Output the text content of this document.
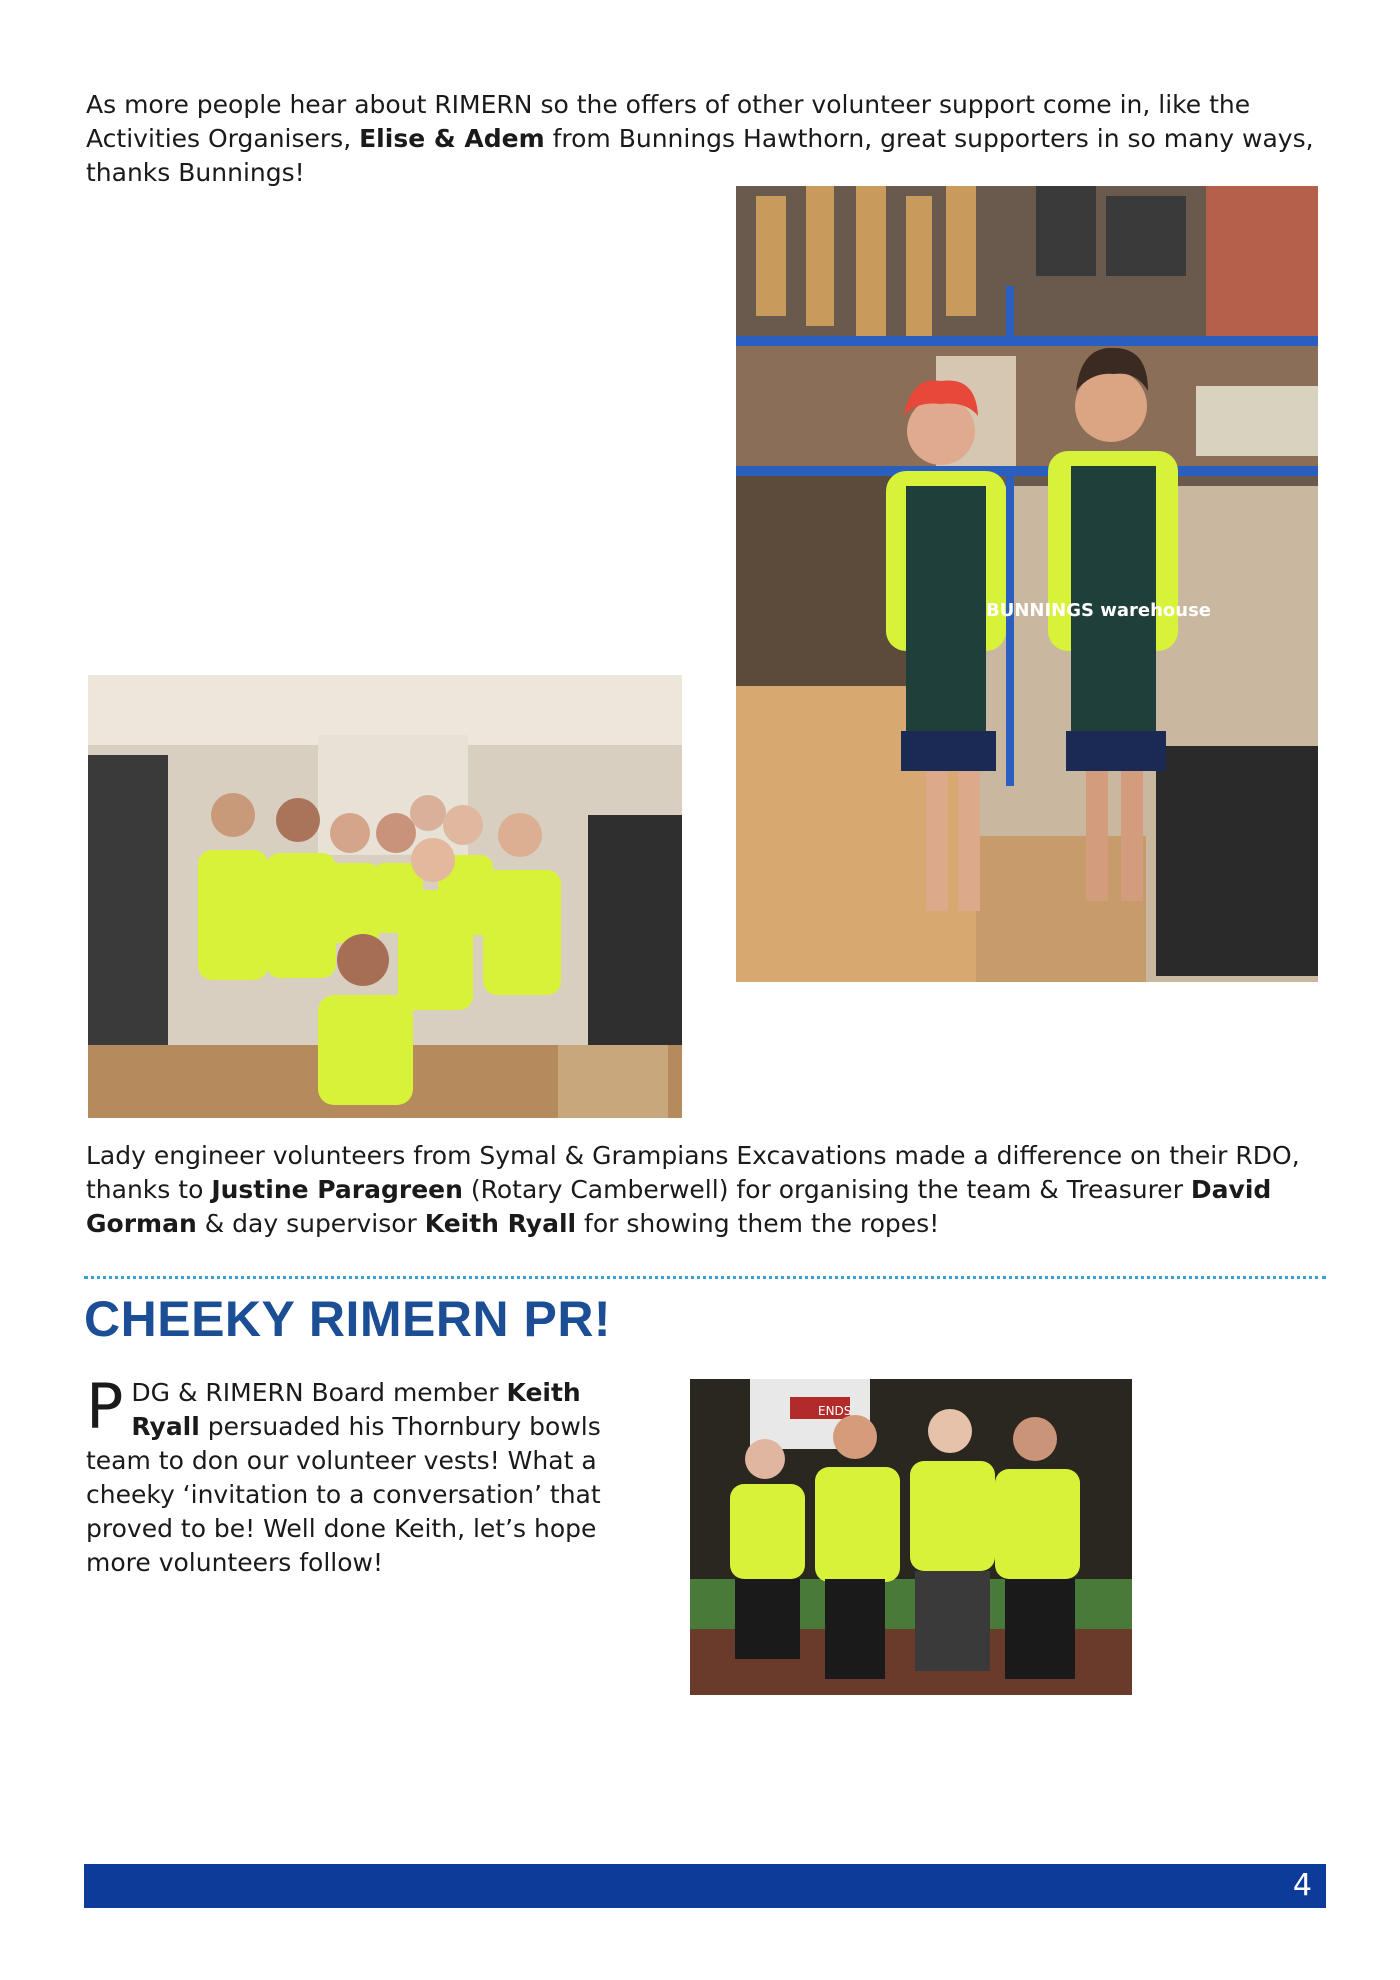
As more people hear about RIMERN so the offers of other volunteer support come in, like the Activities Organisers, Elise & Adem from Bunnings Hawthorn, great supporters in so many ways, thanks Bunnings!

BUNNINGS warehouse

Lady engineer volunteers from Symal & Grampians Excavations made a difference on their RDO, thanks to Justine Paragreen (Rotary Camberwell) for organising the team & Treasurer David Gorman & day supervisor Keith Ryall for showing them the ropes!

CHEEKY RIMERN PR!

PDG & RIMERN Board member Keith Ryall persuaded his Thornbury bowls team to don our volunteer vests! What a cheeky ‘invitation to a conversation’ that proved to be! Well done Keith, let’s hope more volunteers follow!

ENDS
4
